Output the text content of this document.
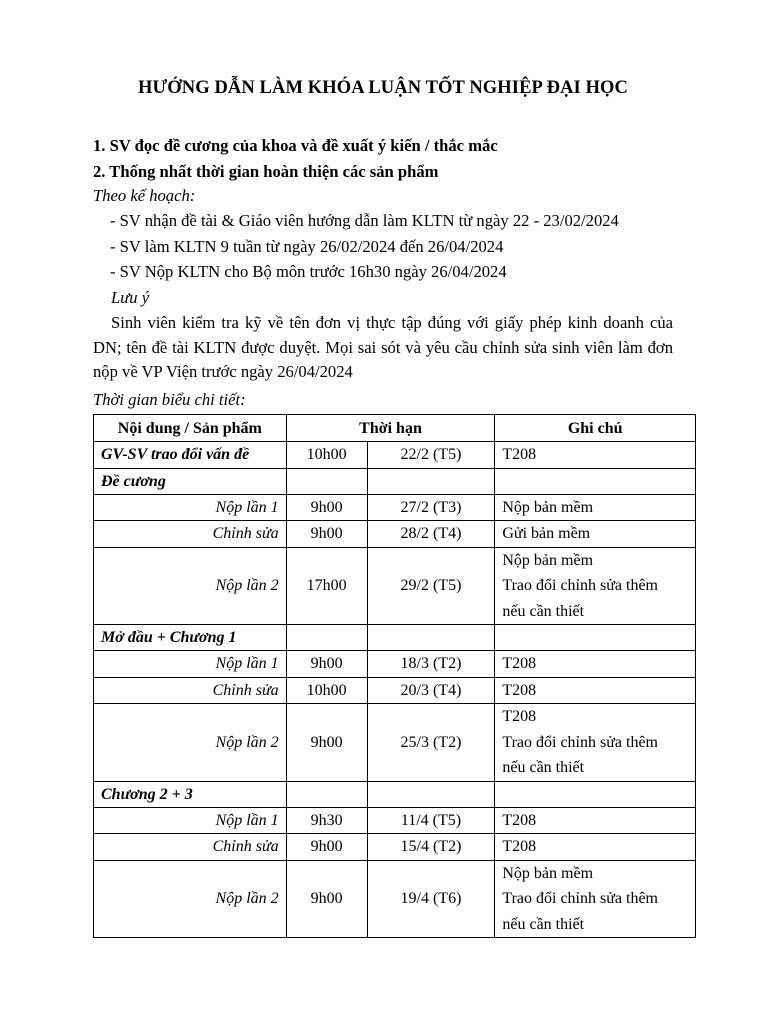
HƯỚNG DẪN LÀM KHÓA LUẬN TỐT NGHIỆP ĐẠI HỌC
1. SV đọc đề cương của khoa và đề xuất ý kiến / thắc mắc
2. Thống nhất thời gian hoàn thiện các sản phẩm
Theo kế hoạch:
- SV nhận đề tài & Giáo viên hướng dẫn làm KLTN từ ngày 22 - 23/02/2024
- SV làm KLTN 9 tuần từ ngày 26/02/2024 đến 26/04/2024
- SV Nộp KLTN cho Bộ môn trước 16h30 ngày 26/04/2024
Lưu ý
Sinh viên kiểm tra kỹ về tên đơn vị thực tập đúng với giấy phép kinh doanh của DN; tên đề tài KLTN được duyệt. Mọi sai sót và yêu cầu chỉnh sửa sinh viên làm đơn nộp về VP Viện trước ngày 26/04/2024
Thời gian biểu chi tiết:
Nội dung / Sản phẩm	Thời hạn		Ghi chú
GV-SV trao đổi vấn đề	10h00	22/2 (T5)	T208

Đề cương			

Nộp lần 1	9h00	27/2 (T3)	Nộp bản mềm

Chỉnh sửa	9h00	28/2 (T4)	Gửi bản mềm

Nộp lần 2	17h00	29/2 (T5)	Nộp bản mềm
Trao đổi chỉnh sửa thêm
nếu cần thiết

Mở đầu + Chương 1			

Nộp lần 1	9h00	18/3 (T2)	T208

Chỉnh sửa	10h00	20/3 (T4)	T208

Nộp lần 2	9h00	25/3 (T2)	T208
Trao đổi chỉnh sửa thêm
nếu cần thiết

Chương 2 + 3			

Nộp lần 1	9h30	11/4 (T5)	T208

Chỉnh sửa	9h00	15/4 (T2)	T208

Nộp lần 2	9h00	19/4 (T6)	Nộp bản mềm
Trao đổi chỉnh sửa thêm
nếu cần thiết
